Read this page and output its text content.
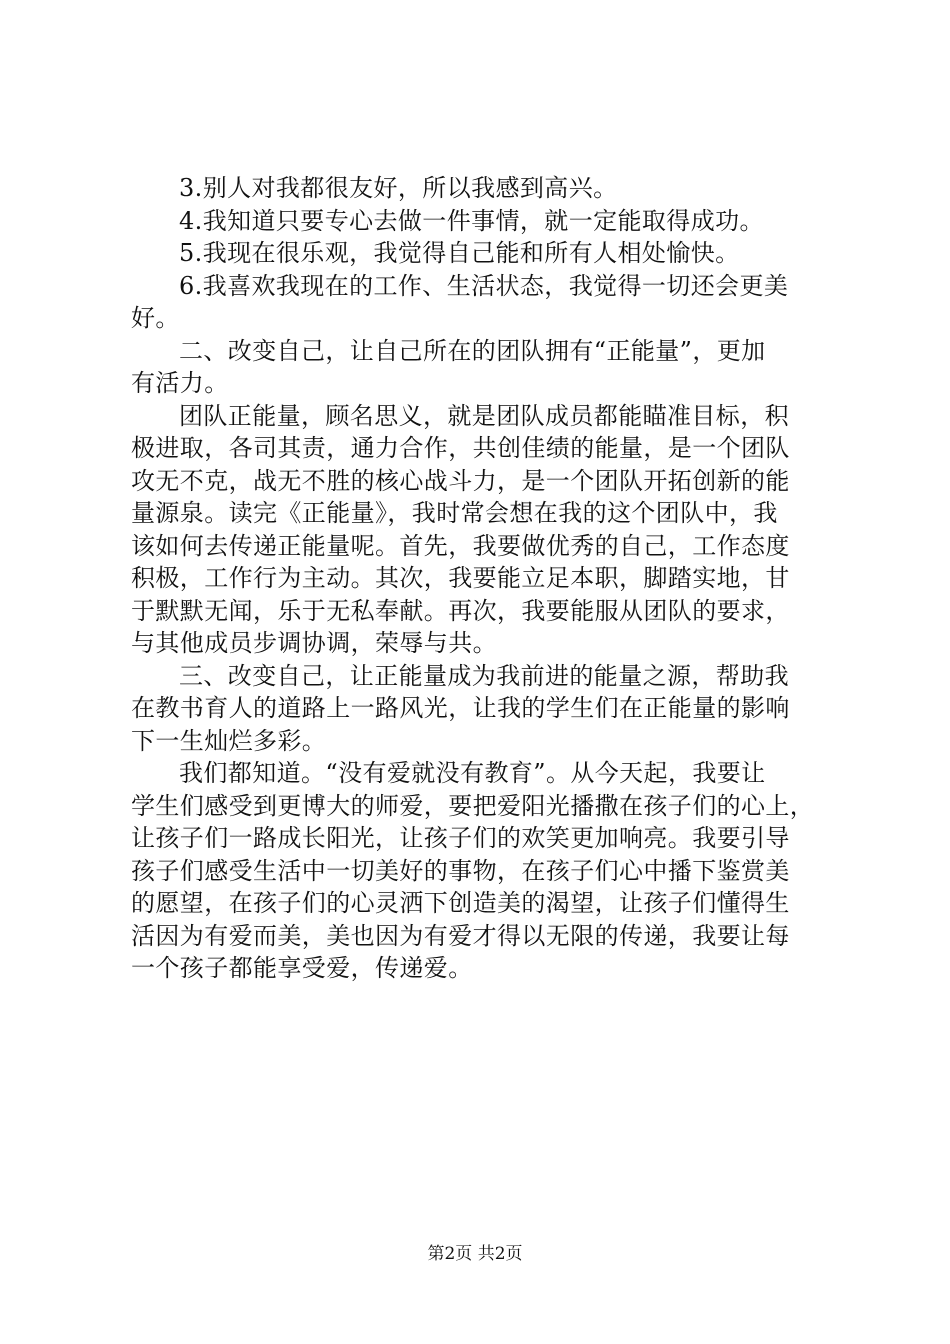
3.别人对我都很友好，所以我感到高兴。
4.我知道只要专心去做一件事情，就一定能取得成功。
5.我现在很乐观，我觉得自己能和所有人相处愉快。
6.我喜欢我现在的工作、生活状态，我觉得一切还会更美
好。
二、改变自己，让自己所在的团队拥有“正能量”，更加
有活力。
团队正能量，顾名思义，就是团队成员都能瞄准目标，积
极进取，各司其责，通力合作，共创佳绩的能量，是一个团队
攻无不克，战无不胜的核心战斗力，是一个团队开拓创新的能
量源泉。读完《正能量》，我时常会想在我的这个团队中，我
该如何去传递正能量呢。首先，我要做优秀的自己，工作态度
积极，工作行为主动。其次，我要能立足本职，脚踏实地，甘
于默默无闻，乐于无私奉献。再次，我要能服从团队的要求，
与其他成员步调协调，荣辱与共。
三、改变自己，让正能量成为我前进的能量之源，帮助我
在教书育人的道路上一路风光，让我的学生们在正能量的影响
下一生灿烂多彩。
我们都知道。“没有爱就没有教育”。从今天起，我要让
学生们感受到更博大的师爱，要把爱阳光播撒在孩子们的心上，
让孩子们一路成长阳光，让孩子们的欢笑更加响亮。我要引导
孩子们感受生活中一切美好的事物，在孩子们心中播下鉴赏美
的愿望，在孩子们的心灵洒下创造美的渴望，让孩子们懂得生
活因为有爱而美，美也因为有爱才得以无限的传递，我要让每
一个孩子都能享受爱，传递爱。
第2页 共2页
